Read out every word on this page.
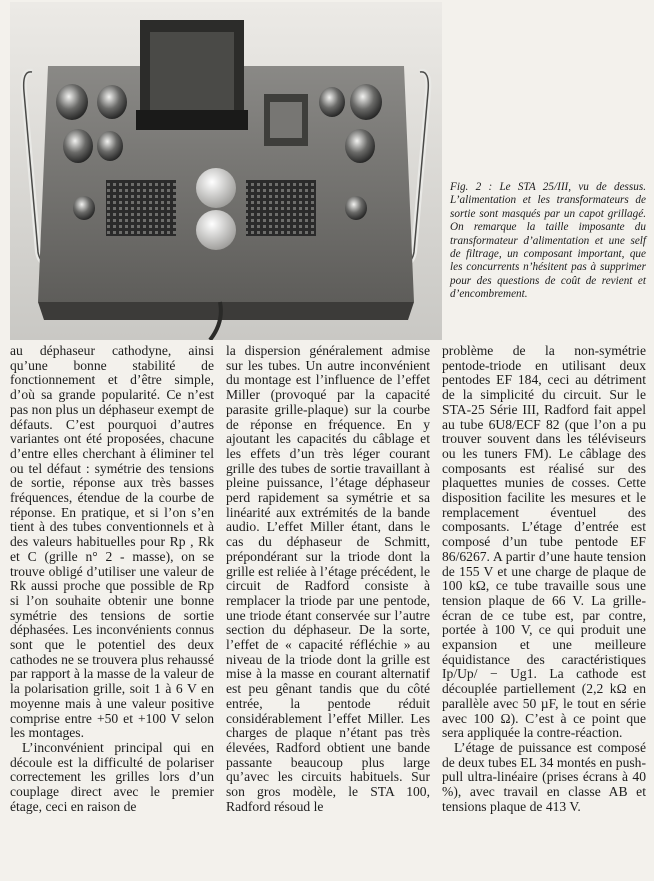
Fig. 2 : Le STA 25/III, vu de dessus. L’alimentation et les transformateurs de sortie sont masqués par un capot grillagé. On remarque la taille imposante du transformateur d’alimentation et une self de filtrage, un composant important, que les concurrents n’hésitent pas à supprimer pour des questions de coût de revient et d’encombrement.

au déphaseur cathodyne, ainsi qu’une bonne stabilité de fonctionnement et d’être simple, d’où sa grande popularité. Ce n’est pas non plus un déphaseur exempt de défauts. C’est pourquoi d’autres variantes ont été proposées, chacune d’entre elles cherchant à éliminer tel ou tel défaut : symétrie des tensions de sortie, réponse aux très basses fréquences, étendue de la courbe de réponse. En pratique, et si l’on s’en tient à des tubes conventionnels et à des valeurs habituelles pour Rp , Rk et C (grille n° 2 - masse), on se trouve obligé d’utiliser une valeur de Rk aussi proche que possible de Rp si l’on souhaite obtenir une bonne symétrie des tensions de sortie déphasées. Les inconvénients connus sont que le potentiel des deux cathodes ne se trouvera plus rehaussé par rapport à la masse de la valeur de la polarisation grille, soit 1 à 6 V en moyenne mais à une valeur positive comprise entre +50 et +100 V selon les montages.

L’inconvénient principal qui en découle est la difficulté de polariser correctement les grilles lors d’un couplage direct avec le premier étage, ceci en raison de

la dispersion généralement admise sur les tubes. Un autre inconvénient du montage est l’influence de l’effet Miller (provoqué par la capacité parasite grille-plaque) sur la courbe de réponse en fréquence. En y ajoutant les capacités du câblage et les effets d’un très léger courant grille des tubes de sortie travaillant à pleine puissance, l’étage déphaseur perd rapidement sa symétrie et sa linéarité aux extrémités de la bande audio. L’effet Miller étant, dans le cas du déphaseur de Schmitt, prépondérant sur la triode dont la grille est reliée à l’étage précédent, le circuit de Radford consiste à remplacer la triode par une pentode, une triode étant conservée sur l’autre section du déphaseur. De la sorte, l’effet de « capacité réfléchie » au niveau de la triode dont la grille est mise à la masse en courant alternatif est peu gênant tandis que du côté entrée, la pentode réduit considérablement l’effet Miller. Les charges de plaque n’étant pas très élevées, Radford obtient une bande passante beaucoup plus large qu’avec les circuits habituels. Sur son gros modèle, le STA 100, Radford résoud le

problème de la non-symétrie pentode-triode en utilisant deux pentodes EF 184, ceci au détriment de la simplicité du circuit. Sur le STA-25 Série III, Radford fait appel au tube 6U8/ECF 82 (que l’on a pu trouver souvent dans les téléviseurs ou les tuners FM). Le câblage des composants est réalisé sur des plaquettes munies de cosses. Cette disposition facilite les mesures et le remplacement éventuel des composants. L’étage d’entrée est composé d’un tube pentode EF 86/6267. A partir d’une haute tension de 155 V et une charge de plaque de 100 kΩ, ce tube travaille sous une tension plaque de 66 V. La grille-écran de ce tube est, par contre, portée à 100 V, ce qui produit une expansion et une meilleure équidistance des caractéristiques Ip/Up/ − Ug1. La cathode est découplée partiellement (2,2 kΩ en parallèle avec 50 µF, le tout en série avec 100 Ω). C’est à ce point que sera appliquée la contre-réaction.

L’étage de puissance est composé de deux tubes EL 34 montés en push-pull ultra-linéaire (prises écrans à 40 %), avec travail en classe AB et tensions plaque de 413 V.
